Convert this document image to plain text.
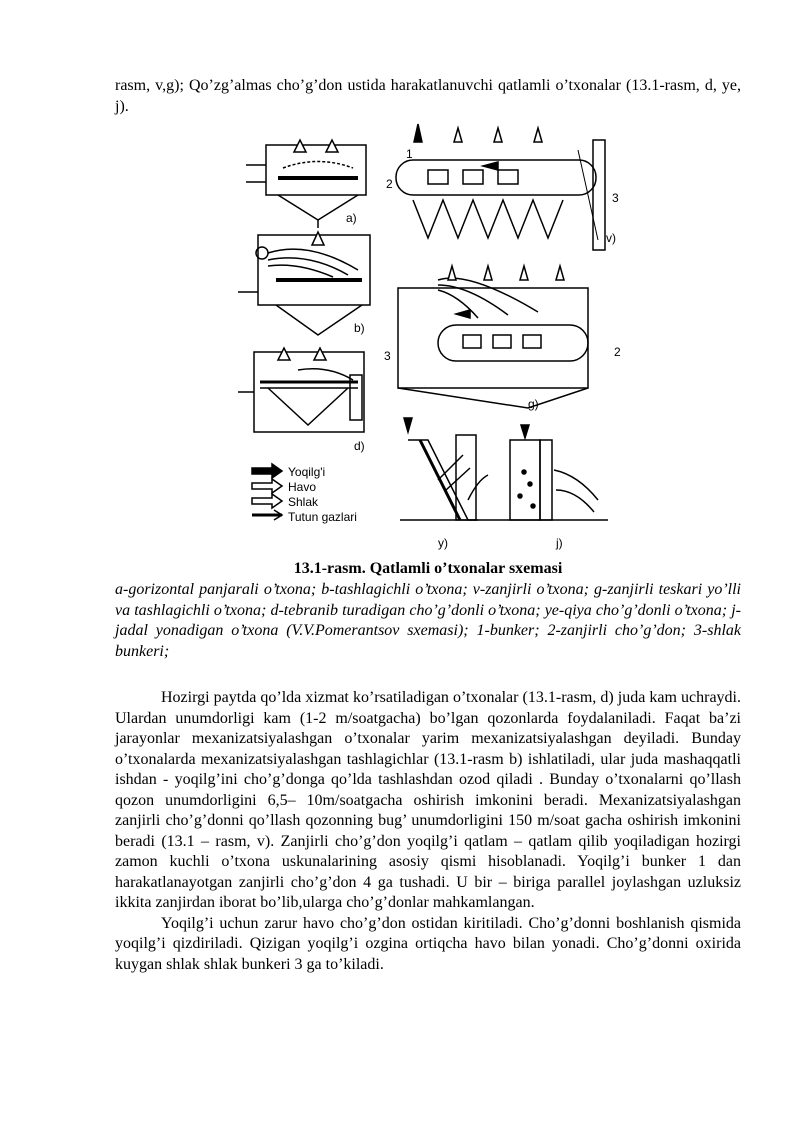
rasm, v,g); Qo’zg’almas cho’g’don ustida harakatlanuvchi qatlamli o’txonalar (13.1-rasm, d, ye, j).
a)
b)
d)
v)
g)
y)	j)
1
2
3
3	2
Yoqilg'i
Havo
Shlak
Tutun gazlari
13.1-rasm. Qatlamli o’txonalar sxemasi
a-gorizontal panjarali o’txona; b-tashlagichli o’txona; v-zanjirli o’txona; g-zanjirli teskari yo’lli va tashlagichli o’txona; d-tebranib turadigan cho’g’donli o’txona; ye-qiya cho’g’donli o’txona; j-jadal yonadigan o’txona (V.V.Pomerantsov sxemasi); 1-bunker; 2-zanjirli cho’g’don; 3-shlak bunkeri;

Hozirgi paytda qo’lda xizmat ko’rsatiladigan o’txonalar (13.1-rasm, d) juda kam uchraydi. Ulardan unumdorligi kam (1-2 m/soatgacha) bo’lgan qozonlarda foydalaniladi. Faqat ba’zi jarayonlar mexanizatsiyalashgan o’txonalar yarim mexanizatsiyalashgan deyiladi. Bunday o’txonalarda mexanizatsiyalashgan tashlagichlar (13.1-rasm b) ishlatiladi, ular juda mashaqqatli ishdan - yoqilg’ini cho’g’donga qo’lda tashlashdan ozod qiladi . Bunday o’txonalarni qo’llash qozon unumdorligini 6,5– 10m/soatgacha oshirish imkonini beradi. Mexanizatsiyalashgan zanjirli cho’g’donni qo’llash qozonning bug’ unumdorligini 150 m/soat gacha oshirish imkonini beradi (13.1 – rasm, v). Zanjirli cho’g’don yoqilg’i qatlam – qatlam qilib yoqiladigan hozirgi zamon kuchli o’txona uskunalarining asosiy qismi hisoblanadi. Yoqilg’i bunker 1 dan harakatlanayotgan zanjirli cho’g’don 4 ga tushadi. U bir – biriga parallel joylashgan uzluksiz ikkita zanjirdan iborat bo’lib,ularga cho’g’donlar mahkamlangan.

Yoqilg’i uchun zarur havo cho’g’don ostidan kiritiladi. Cho’g’donni boshlanish qismida yoqilg’i qizdiriladi. Qizigan yoqilg’i ozgina ortiqcha havo bilan yonadi. Cho’g’donni oxirida kuygan shlak shlak bunkeri 3 ga to’kiladi.
